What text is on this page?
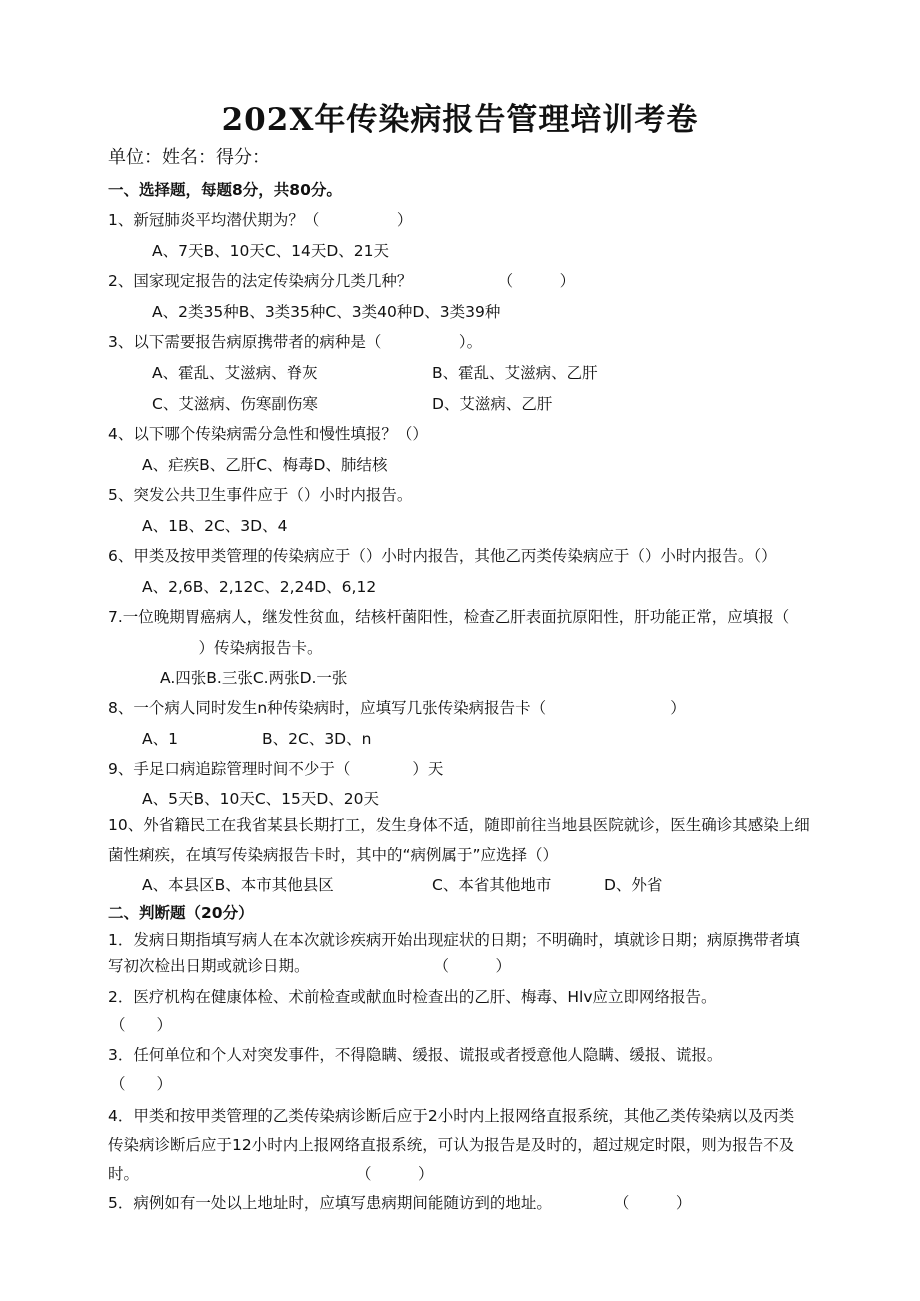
202X年传染病报告管理培训考卷
单位：姓名：得分：
一、选择题，每题8分，共80分。
1、新冠肺炎平均潜伏期为？（　　　　　）
A、7天B、10天C、14天D、21天
2、国家现定报告的法定传染病分几类几种？　　　　　　（　　　）
A、2类35种B、3类35种C、3类40种D、3类39种
3、以下需要报告病原携带者的病种是（　　　　　）。
A、霍乱、艾滋病、脊灰	B、霍乱、艾滋病、乙肝
C、艾滋病、伤寒副伤寒	D、艾滋病、乙肝
4、以下哪个传染病需分急性和慢性填报？（）
A、疟疾B、乙肝C、梅毒D、肺结核
5、突发公共卫生事件应于（）小时内报告。
A、1B、2C、3D、4
6、甲类及按甲类管理的传染病应于（）小时内报告，其他乙丙类传染病应于（）小时内报告。（）
A、2,6B、2,12C、2,24D、6,12
7.一位晚期胃癌病人，继发性贫血，结核杆菌阳性，检查乙肝表面抗原阳性，肝功能正常，应填报（
　　　）传染病报告卡。
A.四张B.三张C.两张D.一张
8、一个病人同时发生n种传染病时，应填写几张传染病报告卡（　　　　　　　　）
A、1	B、2C、3D、n
9、手足口病追踪管理时间不少于（　　　　）天
A、5天B、10天C、15天D、20天
10、外省籍民工在我省某县长期打工，发生身体不适，随即前往当地县医院就诊，医生确诊其感染上细
菌性痢疾，在填写传染病报告卡时，其中的“病例属于”应选择（）
A、本县区B、本市其他县区	C、本省其他地市	D、外省
二、判断题（20分）
1．发病日期指填写病人在本次就诊疾病开始出现症状的日期；不明确时，填就诊日期；病原携带者填
写初次检出日期或就诊日期。　　　　　　　　　（　　　）
2．医疗机构在健康体检、术前检查或献血时检查出的乙肝、梅毒、Hlv应立即网络报告。
（　　）
3．任何单位和个人对突发事件，不得隐瞒、缓报、谎报或者授意他人隐瞒、缓报、谎报。
（　　）
4．甲类和按甲类管理的乙类传染病诊断后应于2小时内上报网络直报系统，其他乙类传染病以及丙类
传染病诊断后应于12小时内上报网络直报系统，可认为报告是及时的，超过规定时限，则为报告不及
时。　　　　　　　　　　　　　　　（　　　）
5．病例如有一处以上地址时，应填写患病期间能随访到的地址。　　　　　（　　　）
